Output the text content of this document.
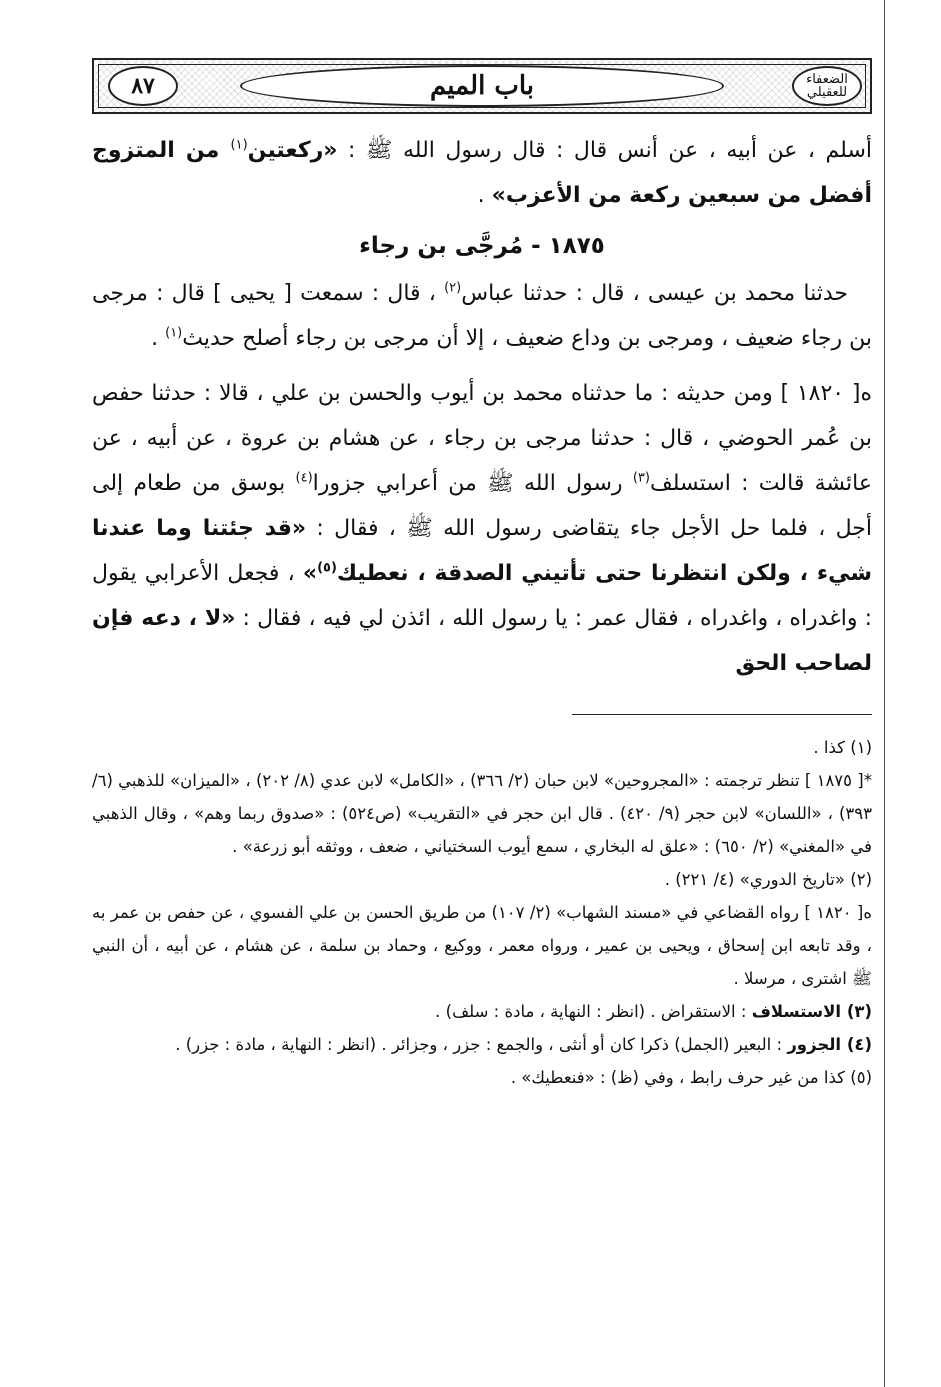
الضعفاء للعقيلي
باب الميم
٨٧

أسلم ، عن أبيه ، عن أنس قال : قال رسول الله ﷺ : «ركعتين$^{(١)}$ من المتزوج أفضل من سبعين ركعة من الأعزب» .

١٨٧٥ - مُرجَّى بن رجاء

حدثنا محمد بن عيسى ، قال : حدثنا عباس$^{(٢)}$ ، قال : سمعت [ يحيى ] قال : مرجى بن رجاء ضعيف ، ومرجى بن وداع ضعيف ، إلا أن مرجى بن رجاء أصلح حديث$^{(١)}$ .

ه[ ١٨٢٠ ] ومن حديثه : ما حدثناه محمد بن أيوب والحسن بن علي ، قالا : حدثنا حفص بن عُمر الحوضي ، قال : حدثنا مرجى بن رجاء ، عن هشام بن عروة ، عن أبيه ، عن عائشة قالت : استسلف$^{(٣)}$ رسول الله ﷺ من أعرابي جزورا$^{(٤)}$ بوسق من طعام إلى أجل ، فلما حل الأجل جاء يتقاضى رسول الله ﷺ ، فقال : «قد جئتنا وما عندنا شيء ، ولكن انتظرنا حتى تأتيني الصدقة ، نعطيك$^{(٥)}$» ، فجعل الأعرابي يقول : واغدراه ، واغدراه ، فقال عمر : يا رسول الله ، ائذن لي فيه ، فقال : «لا ، دعه فإن لصاحب الحق

(١) كذا .

*[ ١٨٧٥ ] تنظر ترجمته : «المجروحين» لابن حبان (٢/ ٣٦٦) ، «الكامل» لابن عدي (٨/ ٢٠٢) ، «الميزان» للذهبي (٦/ ٣٩٣) ، «اللسان» لابن حجر (٩/ ٤٢٠) . قال ابن حجر في «التقريب» (ص٥٢٤) : «صدوق ربما وهم» ، وقال الذهبي في «المغني» (٢/ ٦٥٠) : «علق له البخاري ، سمع أيوب السختياني ، ضعف ، ووثقه أبو زرعة» .

(٢) «تاريخ الدوري» (٤/ ٢٢١) .

ه[ ١٨٢٠ ] رواه القضاعي في «مسند الشهاب» (٢/ ١٠٧) من طريق الحسن بن علي الفسوي ، عن حفص بن عمر به ، وقد تابعه ابن إسحاق ، ويحيى بن عمير ، ورواه معمر ، ووكيع ، وحماد بن سلمة ، عن هشام ، عن أبيه ، أن النبي ﷺ اشترى ، مرسلا .

(٣) الاستسلاف : الاستقراض . (انظر : النهاية ، مادة : سلف) .

(٤) الجزور : البعير (الجمل) ذكرا كان أو أنثى ، والجمع : جزر ، وجزائر . (انظر : النهاية ، مادة : جزر) .

(٥) كذا من غير حرف رابط ، وفي (ظ) : «فنعطيك» .
